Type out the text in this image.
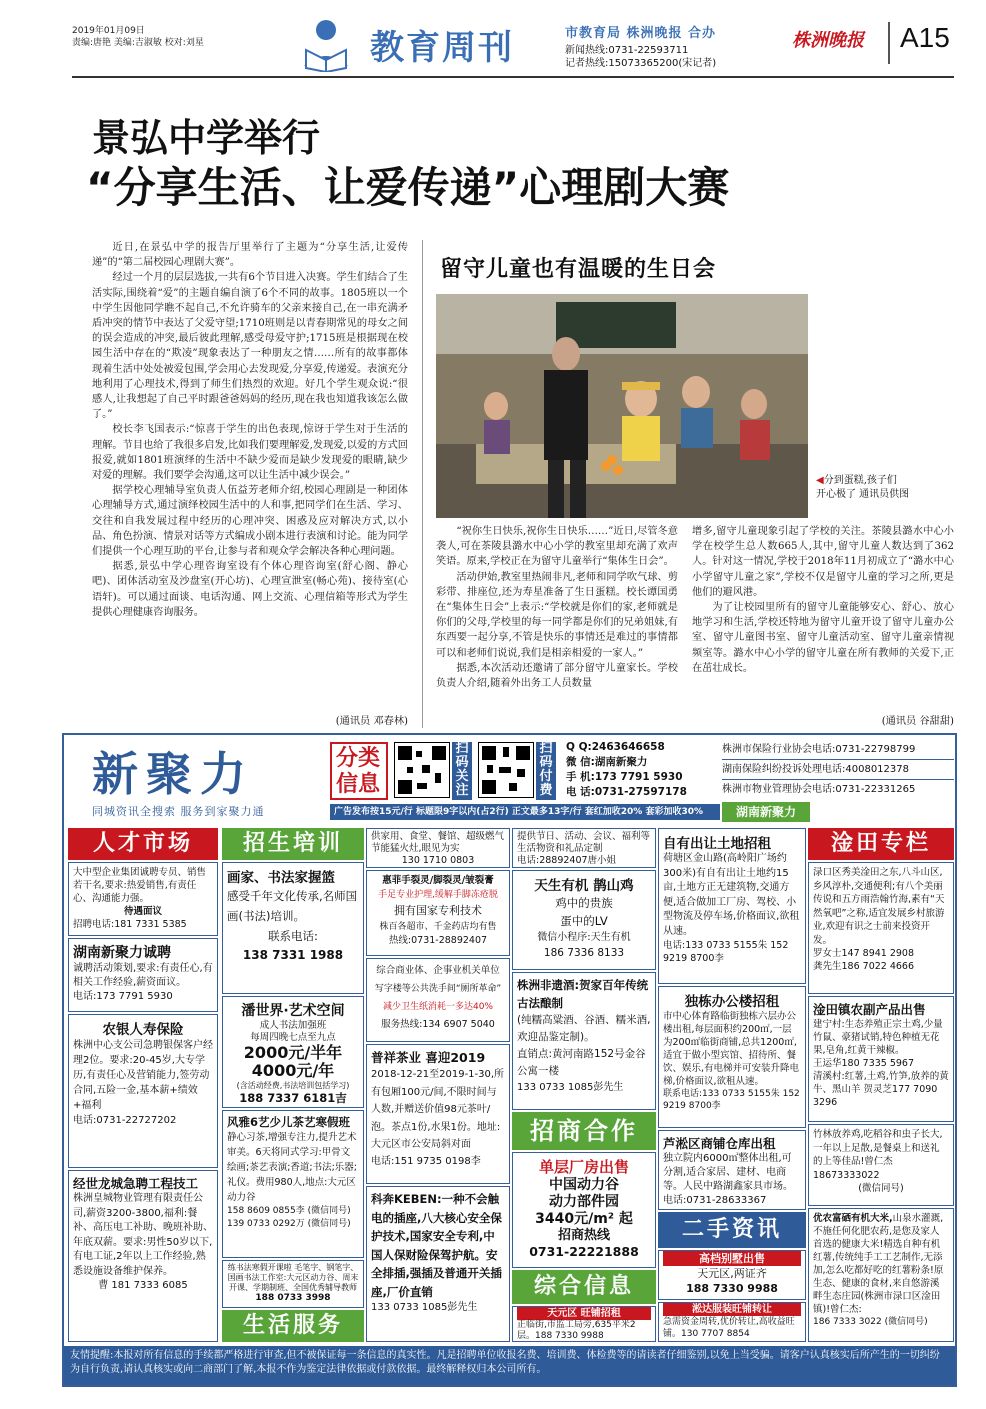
2019年01月09日
责编:唐艳 美编:吉淑敏 校对:刘星	教育周刊	市教育局 株洲晚报 合办
新闻热线:0731-22593711
记者热线:15073365200(宋记者)
株洲晚报 A15
景弘中学举行
“分享生活、让爱传递”心理剧大赛

近日,在景弘中学的报告厅里举行了主题为“分享生活,让爱传递”的“第二届校园心理剧大赛”。

经过一个月的层层选拔,一共有6个节目进入决赛。学生们结合了生活实际,围绕着“爱”的主题自编自演了6个不同的故事。1805班以一个中学生因他同学瞧不起自己,不允许骑车的父亲来接自己,在一串充满矛盾冲突的情节中表达了父爱守望;1710班则是以青春期常见的母女之间的误会造成的冲突,最后彼此理解,感受母爱守护;1715班是根据现在校园生活中存在的“欺凌”现象表达了一种朋友之情……所有的故事都体现着生活中处处被爱包围,学会用心去发现爱,分享爱,传递爱。表演充分地利用了心理技术,得到了师生们热烈的欢迎。好几个学生观众说:“很感人,让我想起了自己平时跟爸爸妈妈的经历,现在我也知道我该怎么做了。”

校长李飞国表示:“惊喜于学生的出色表现,惊讶于学生对于生活的理解。节目也给了我很多启发,比如我们要理解爱,发现爱,以爱的方式回报爱,就如1801班演绎的生活中不缺少爱而是缺少发现爱的眼睛,缺少对爱的理解。我们要学会沟通,这可以让生活中减少误会。”

据学校心理辅导室负责人伍益芳老师介绍,校园心理剧是一种团体心理辅导方式,通过演绎校园生活中的人和事,把同学们在生活、学习、交往和自我发展过程中经历的心理冲突、困惑及应对解决方式,以小品、角色扮演、情景对话等方式编成小剧本进行表演和讨论。能为同学们提供一个心理互助的平台,让参与者和观众学会解决各种心理问题。

据悉,景弘中学心理咨询室设有个体心理咨询室(舒心阁、静心吧)、团体活动室及沙盘室(开心坊)、心理宣泄室(畅心苑)、接待室(心语轩)。可以通过面谈、电话沟通、网上交流、心理信箱等形式为学生提供心理健康咨询服务。

(通讯员 邓春林)
留守儿童也有温暖的生日会
◀分到蛋糕,孩子们
开心极了 通讯员供图

“祝你生日快乐,祝你生日快乐……”近日,尽管冬意袭人,可在茶陵县潞水中心小学的教室里却充满了欢声笑语。原来,学校正在为留守儿童举行“集体生日会”。

活动伊始,教室里热闹非凡,老师和同学吹气球、剪彩带、排座位,还为寿星准备了生日蛋糕。校长谭国勇在“集体生日会”上表示:“学校就是你们的家,老师就是你们的父母,学校里的每一同学都是你们的兄弟姐妹,有东西要一起分享,不管是快乐的事情还是难过的事情都可以和老师们说说,我们是相亲相爱的一家人。”

据悉,本次活动还邀请了部分留守儿童家长。学校负责人介绍,随着外出务工人员数量

增多,留守儿童现象引起了学校的关注。茶陵县潞水中心小学在校学生总人数665人,其中,留守儿童人数达到了362人。针对这一情况,学校于2018年11月初成立了“潞水中心小学留守儿童之家”,学校不仅是留守儿童的学习之所,更是他们的避风港。

为了让校园里所有的留守儿童能够安心、舒心、放心地学习和生活,学校还特地为留守儿童开设了留守儿童办公室、留守儿童图书室、留守儿童活动室、留守儿童亲情视频室等。潞水中心小学的留守儿童在所有教师的关爱下,正在茁壮成长。

(通讯员 谷甜甜)
新聚力
同城资讯全搜索 服务到家聚力通
分类信息
扫码关注
扫码付费
Q Q:2463646658
微 信:湖南新聚力
手 机:173 7791 5930
电 话:0731-27597178
株洲市保险行业协会电话:0731-22798799
湖南保险纠纷投诉处理电话:4008012378
株洲市物业管理协会电话:0731-22331265
广告发布按15元/行 标题限9字以内(占2行) 正文最多13字/行 套红加收20% 套彩加收30%	湖南新聚力
人才市场
大中型企业集团诚聘专员、销售若干名,要求:热爱销售,有责任心、沟通能力强。
待遇面议
招聘电话:181 7331 5385
湖南新聚力诚聘
诚聘活动策划,要求:有责任心,有相关工作经验,薪资面议。
电话:173 7791 5930
农银人寿保险
株洲中心支公司急聘银保客户经理2位。要求:20-45岁,大专学历,有责任心及营销能力,签劳动合同,五险一金,基本薪+绩效+福利
电话:0731-22727202
经世龙城急聘工程技工
株洲皇城物业管理有限责任公司,薪资3200-3800,福利:餐补、高压电工补助、晚班补助、年底双薪。要求:男性50岁以下,有电工证,2年以上工作经验,熟悉设施设备维护保养。
曹 181 7333 6085
招生培训
画家、书法家握篮
感受千年文化传承,名师国画(书法)培训。
联系电话:
138 7331 1988
潘世界·艺术空间
成人书法加强班
每周四晚七点至九点
2000元/半年
4000元/年
(含活动经费,书法培训包括学习)
188 7337 6181吉
风雅6艺少儿茶艺寒假班
静心习茶,增强专注力,提升艺术审美。6天将同式学习:甲骨文绘画;茶艺表演;香道;书法;乐器;礼仪。费用980人,地点:大元区动力谷
158 8609 0855李 (微信同号)
139 0733 0292万 (微信同号)
练书法寒假开课啦 毛笔字、钢笔字、国画书法工作室:大元区动力谷、周末开课、学期制班、全国优秀辅导教师
188 0733 3998
生活服务
供家用、食堂、餐馆、超级燃气节能猛火灶,眼见为实
130 1710 0803
惠菲手裂灵/脚裂灵/皱裂膏
手足专业护理,缓解手脚冻疮脱
拥有国家专利技术
株百各超市、千金药店均有售
热线:0731-28892407
综合商业体、企事业机关单位
写字楼等公共洗手间“厕所革命”
减少卫生纸消耗一多达40%
服务热线:134 6907 5040
普祥茶业 喜迎2019
2018-12-21至2019-1-30,所有包厢100元/间,不限时间与人数,并赠送价值98元茶叶/泡。茶点1份,水果1份。地址:大元区市公安局斜对面
电话:151 9735 0198李
科奔KEBEN:一种不会触电的插座,八大核心安全保护技术,国家安全专利,中国人保财险保驾护航。安全排插,强插及普通开关插座,厂价直销
133 0733 1085彭先生
提供节日、活动、会议、福利等生活物资和礼品定制
电话:28892407唐小姐
天生有机 鹊山鸡
鸡中的贵族
蛋中的LV
微信小程序:天生有机
186 7336 8133
株洲非遗酒:贺家百年传统古法酿制
(纯糯高粱酒、谷酒、糯米酒,欢迎品鉴定制)。
直销点:黄河南路152号金谷公寓一楼
133 0733 1085彭先生
招商合作
单层厂房出售
中国动力谷
动力部件园
3440元/m² 起
招商热线
0731-22221888
综合信息
天元区 旺铺招租
正临街,市监工局旁,635平米2层。188 7330 9988
自有出让土地招租
荷塘区金山路(高岭阳广场约300米)有自有出让土地约15亩,土地方正无建筑物,交通方便,适合做加工厂房、驾校、小型物流及停车场,价格面议,欲租从速。
电话:133 0733 5155朱 152 9219 8700李
独栋办公楼招租
市中心体育路临街独栋六层办公楼出租,每层面积约200㎡,一层为200㎡临街商铺,总共1200㎡,适宜于做小型宾馆、招待所、餐饮、娱乐,有电梯并可安装升降电梯,价格面议,欲租从速。
联系电话:133 0733 5155朱 152 9219 8700李
芦淞区商铺仓库出租
独立院内6000㎡整体出租,可分割,适合家居、建材、电商等。人民中路湖鑫家具市场。
电话:0731-28633367
二手资讯
高档别墅出售
天元区,两证齐
188 7330 9988
淞达服装旺铺转让
急需资金周转,优价转让,高收益旺铺。130 7707 8854
淦田专栏
渌口区秀美淦田之东,八斗山区,乡风淳朴,交通便利;有八个美丽传说和五方雨浩翰竹海,素有“天然氧吧”之称,适宜发展乡村旅游业,欢迎有识之士前来投资开发。
罗女士147 8941 2908
龚先生186 7022 4666
淦田镇农副产品出售
建宁村:生态养殖正宗土鸡,少量竹鼠、豪猪试销,特色种植无花果,皂角,红黄干辣椒。
王运华180 7335 5967
清溪村:红薯,土鸡,竹笋,放养的黄牛、黑山羊 贺灵芝177 7090 3296
竹林放养鸡,吃稻谷和虫子长大,一年以上足散,是餐桌上和送礼的上等佳品!曾仁杰18673333022
(微信同号)
优农富硒有机大米,山泉水灌溉,不施任何化肥农药,是您及家人首选的健康大米!精选自种有机红薯,传统纯手工工艺制作,无添加,怎么吃都好吃的红薯粉条!原生态、健康的食材,来自悠游溪畔生态庄园(株洲市渌口区淦田镇)!曾仁杰:
186 7333 3022 (微信同号)
友情提醒:本报对所有信息的手续都严格进行审查,但不被保证每一条信息的真实性。凡是招聘单位收报名费、培训费、体检费等的请读者仔细鉴别,以免上当受骗。请客户认真核实后所产生的一切纠纷为自行负责,请认真核实或向二商部门了解,本报不作为鉴定法律依据或付款依据。最终解释权归本公司所有。
